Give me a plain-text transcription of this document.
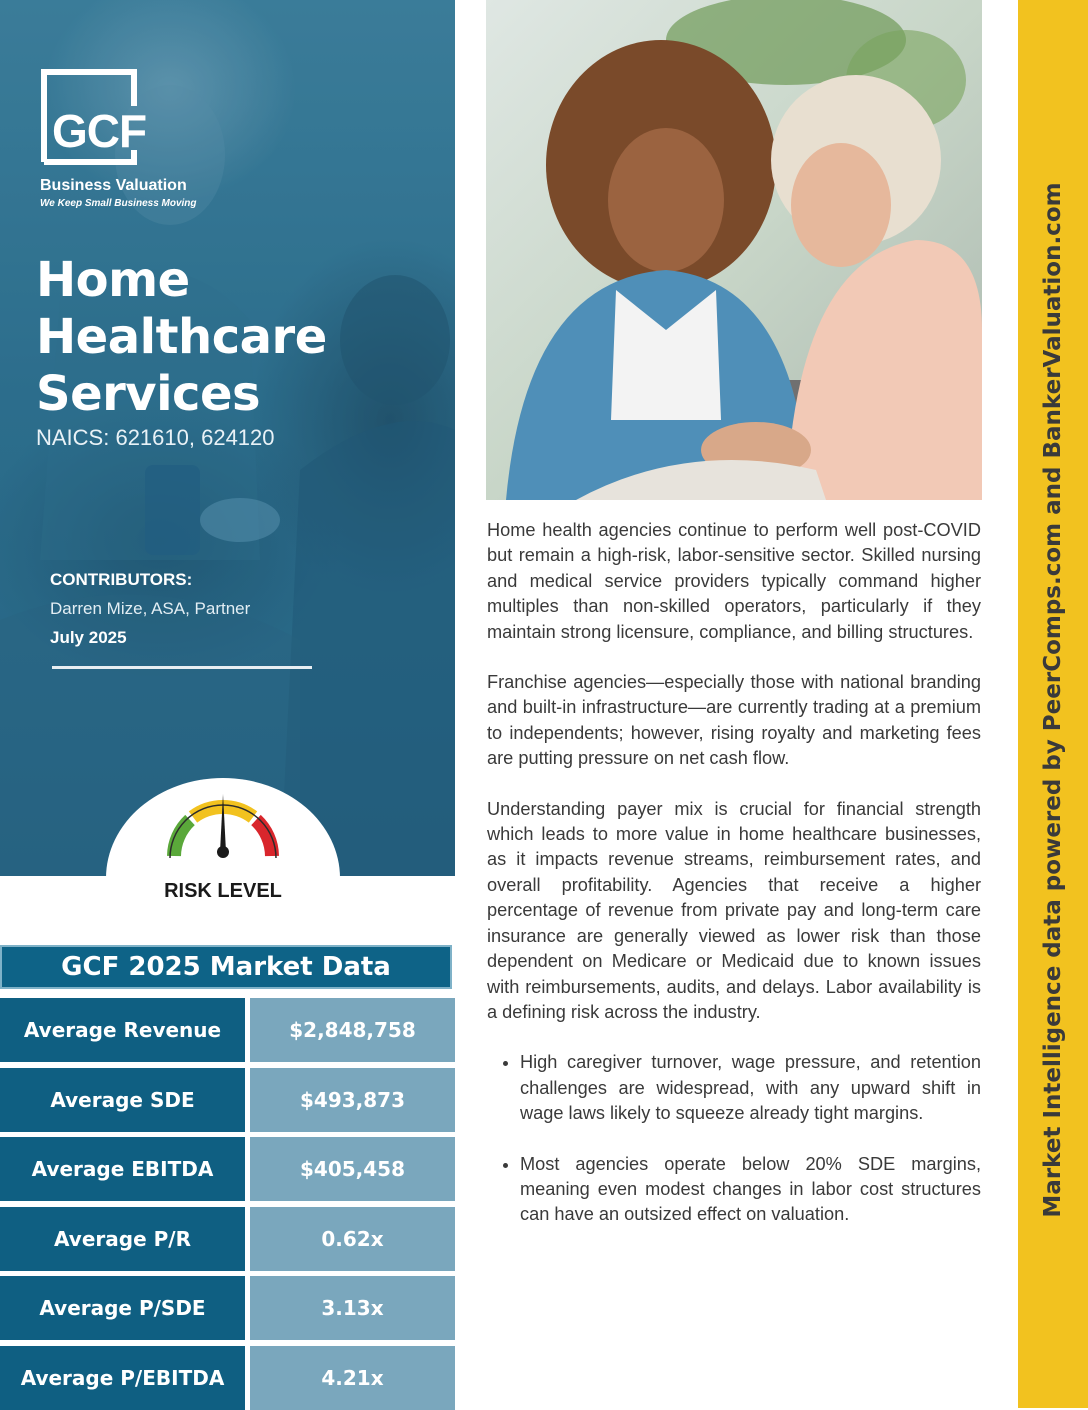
GCF
Business Valuation
We Keep Small Business Moving
Home Healthcare Services
NAICS: 621610, 624120
CONTRIBUTORS:
Darren Mize, ASA, Partner
July 2025
RISK LEVEL
GCF 2025 Market Data
Average Revenue	$2,848,758
Average SDE	$493,873
Average EBITDA	$405,458
Average P/R	0.62x
Average P/SDE	3.13x
Average P/EBITDA	4.21x

Home health agencies continue to perform well post-COVID but remain a high-risk, labor-sensitive sector. Skilled nursing and medical service providers typically command higher multiples than non-skilled operators, particularly if they maintain strong licensure, compliance, and billing structures.

Franchise agencies—especially those with national branding and built-in infrastructure—are currently trading at a premium to independents; however, rising royalty and marketing fees are putting pressure on net cash flow.

Understanding payer mix is crucial for financial strength which leads to more value in home healthcare businesses, as it impacts revenue streams, reimbursement rates, and overall profitability. Agencies that receive a higher percentage of revenue from private pay and long-term care insurance are generally viewed as lower risk than those dependent on Medicare or Medicaid due to known issues with reimbursements, audits, and delays. Labor availability is a defining risk across the industry.

• High caregiver turnover, wage pressure, and retention challenges are widespread, with any upward shift in wage laws likely to squeeze already tight margins.
• Most agencies operate below 20% SDE margins, meaning even modest changes in labor cost structures can have an outsized effect on valuation.	Market Intelligence data powered by PeerComps.com and BankerValuation.com
